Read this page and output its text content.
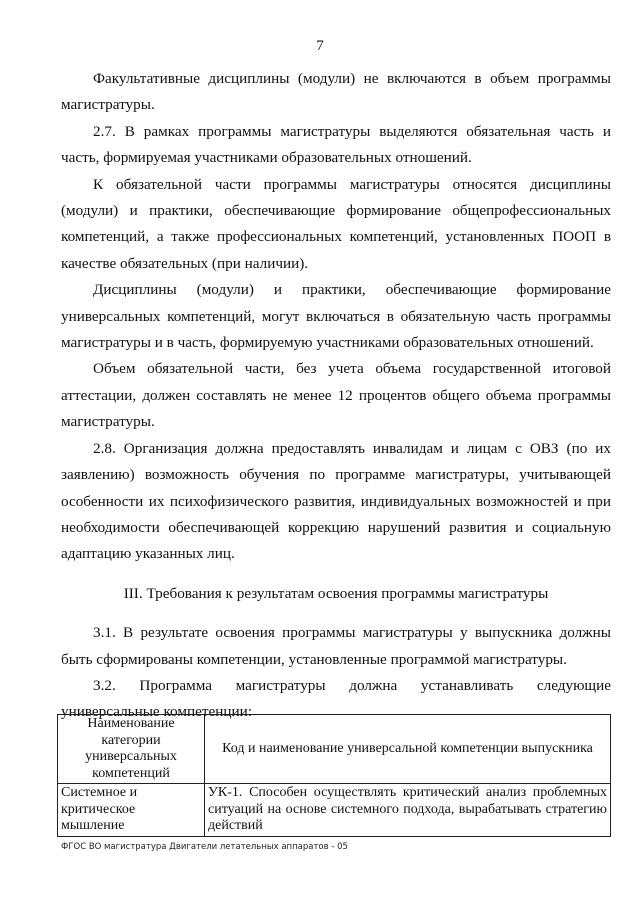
7

Факультативные дисциплины (модули) не включаются в объем программы магистратуры.

2.7. В рамках программы магистратуры выделяются обязательная часть и часть, формируемая участниками образовательных отношений.

К обязательной части программы магистратуры относятся дисциплины (модули) и практики, обеспечивающие формирование общепрофессиональных компетенций, а также профессиональных компетенций, установленных ПООП в качестве обязательных (при наличии).

Дисциплины (модули) и практики, обеспечивающие формирование универсальных компетенций, могут включаться в обязательную часть программы магистратуры и в часть, формируемую участниками образовательных отношений.

Объем обязательной части, без учета объема государственной итоговой аттестации, должен составлять не менее 12 процентов общего объема программы магистратуры.

2.8. Организация должна предоставлять инвалидам и лицам с ОВЗ (по их заявлению) возможность обучения по программе магистратуры, учитывающей особенности их психофизического развития, индивидуальных возможностей и при необходимости обеспечивающей коррекцию нарушений развития и социальную адаптацию указанных лиц.

III. Требования к результатам освоения программы магистратуры

3.1. В результате освоения программы магистратуры у выпускника должны быть сформированы компетенции, установленные программой магистратуры.

3.2. Программа магистратуры должна устанавливать следующие универсальные компетенции:

Наименование категории универсальных компетенций	Код и наименование универсальной компетенции выпускника
Системное и критическое мышление	УК-1. Способен осуществлять критический анализ проблемных ситуаций на основе системного подхода, вырабатывать стратегию действий
ФГОС ВО магистратура Двигатели летательных аппаратов - 05
